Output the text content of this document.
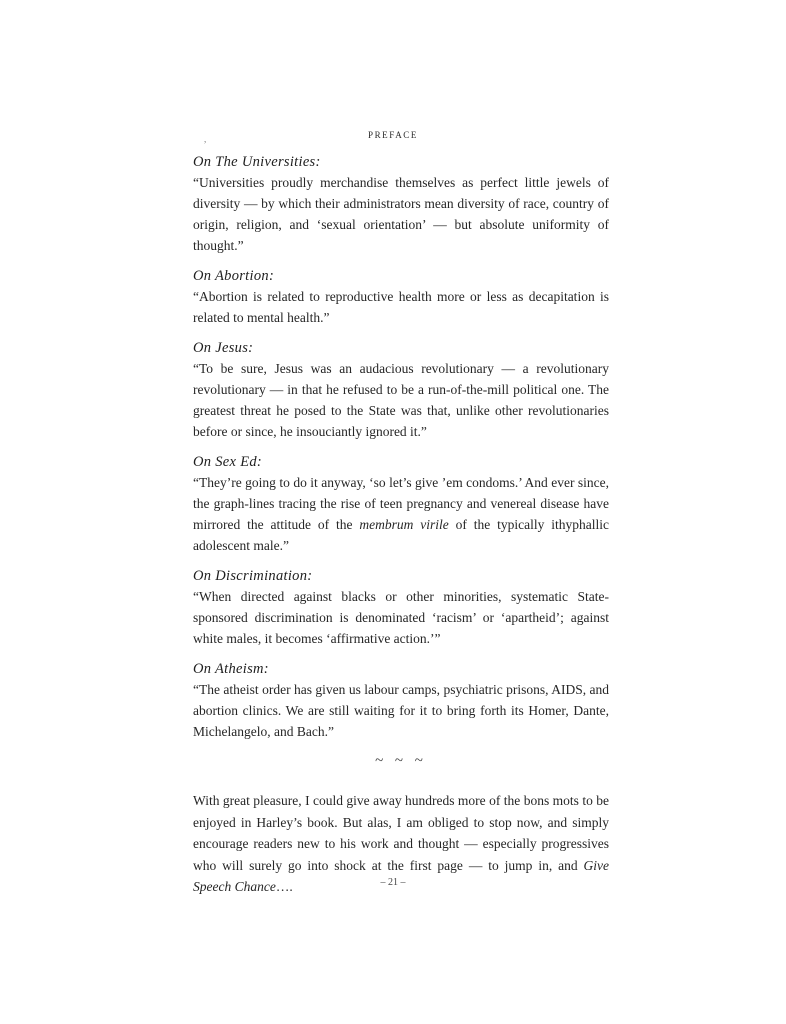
,	PREFACE
On The Universities:
“Universities proudly merchandise themselves as perfect little jewels of diversity — by which their administrators mean diversity of race, country of origin, religion, and ‘sexual orientation’ — but absolute uniformity of thought.”
On Abortion:
“Abortion is related to reproductive health more or less as decapitation is related to mental health.”
On Jesus:
“To be sure, Jesus was an audacious revolutionary — a revolutionary revolutionary — in that he refused to be a run-of-the-mill political one. The greatest threat he posed to the State was that, unlike other revolutionaries before or since, he insouciantly ignored it.”
On Sex Ed:
“They’re going to do it anyway, ‘so let’s give ’em condoms.’ And ever since, the graph-lines tracing the rise of teen pregnancy and venereal disease have mirrored the attitude of the membrum virile of the typically ithyphallic adolescent male.”
On Discrimination:
“When directed against blacks or other minorities, systematic State-sponsored discrimination is denominated ‘racism’ or ‘apartheid’; against white males, it becomes ‘affirmative action.’”
On Atheism:
“The atheist order has given us labour camps, psychiatric prisons, AIDS, and abortion clinics. We are still waiting for it to bring forth its Homer, Dante, Michelangelo, and Bach.”
~ ~ ~
With great pleasure, I could give away hundreds more of the bons mots to be enjoyed in Harley’s book. But alas, I am obliged to stop now, and simply encourage readers new to his work and thought — especially progressives who will surely go into shock at the first page — to jump in, and Give Speech Chance….	– 21 –
